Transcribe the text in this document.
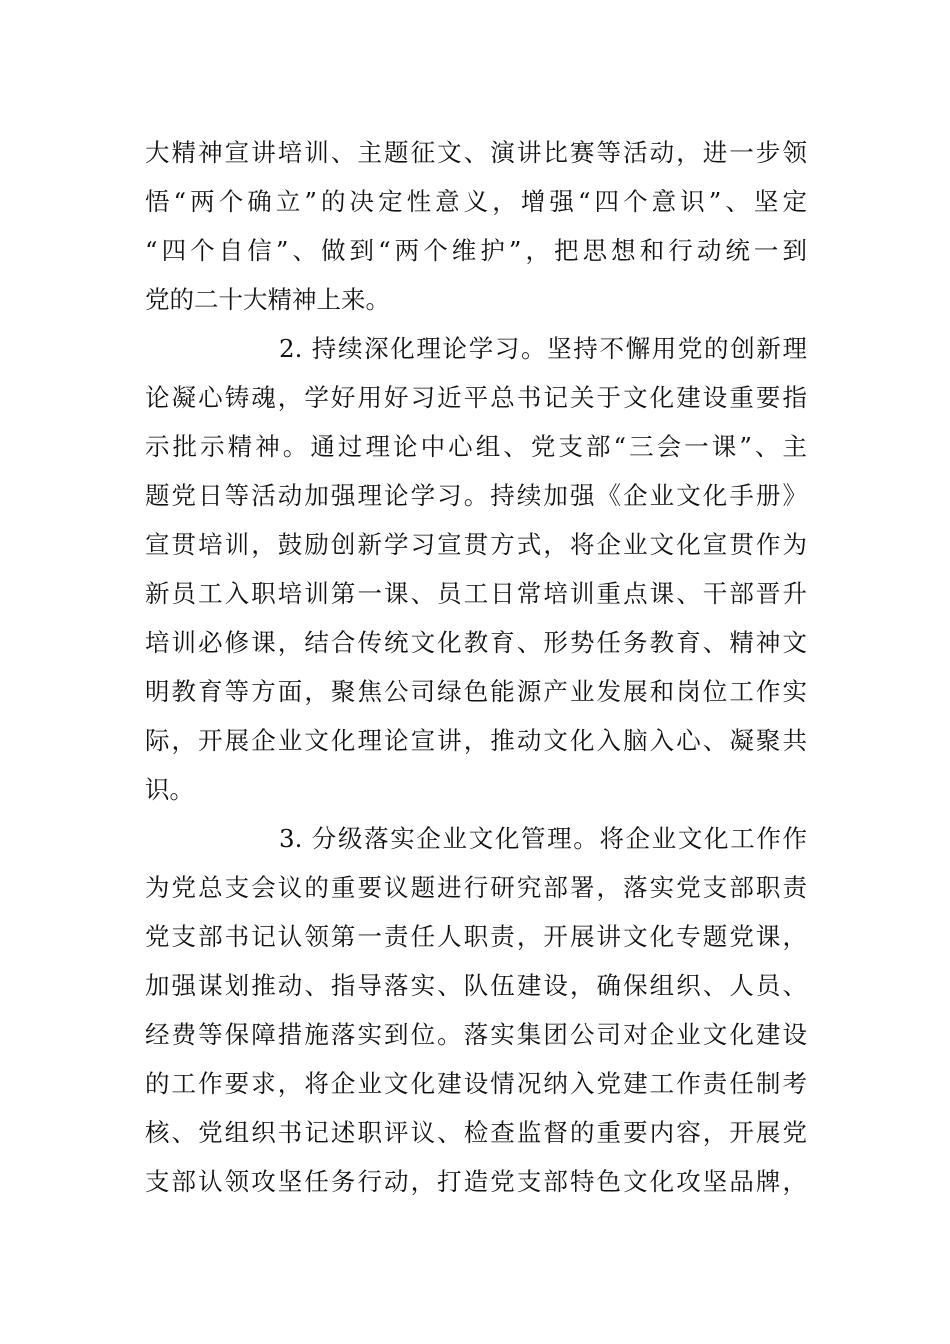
大精神宣讲培训、主题征文、演讲比赛等活动，进一步领
悟“两个确立”的决定性意义，增强“四个意识”、坚定
“四个自信”、做到“两个维护”，把思想和行动统一到
党的二十大精神上来。
2. 持续深化理论学习。坚持不懈用党的创新理
论凝心铸魂，学好用好习近平总书记关于文化建设重要指
示批示精神。通过理论中心组、党支部“三会一课”、主
题党日等活动加强理论学习。持续加强《企业文化手册》
宣贯培训，鼓励创新学习宣贯方式，将企业文化宣贯作为
新员工入职培训第一课、员工日常培训重点课、干部晋升
培训必修课，结合传统文化教育、形势任务教育、精神文
明教育等方面，聚焦公司绿色能源产业发展和岗位工作实
际，开展企业文化理论宣讲，推动文化入脑入心、凝聚共
识。
3. 分级落实企业文化管理。将企业文化工作作
为党总支会议的重要议题进行研究部署，落实党支部职责
党支部书记认领第一责任人职责，开展讲文化专题党课，
加强谋划推动、指导落实、队伍建设，确保组织、人员、
经费等保障措施落实到位。落实集团公司对企业文化建设
的工作要求，将企业文化建设情况纳入党建工作责任制考
核、党组织书记述职评议、检查监督的重要内容，开展党
支部认领攻坚任务行动，打造党支部特色文化攻坚品牌，
